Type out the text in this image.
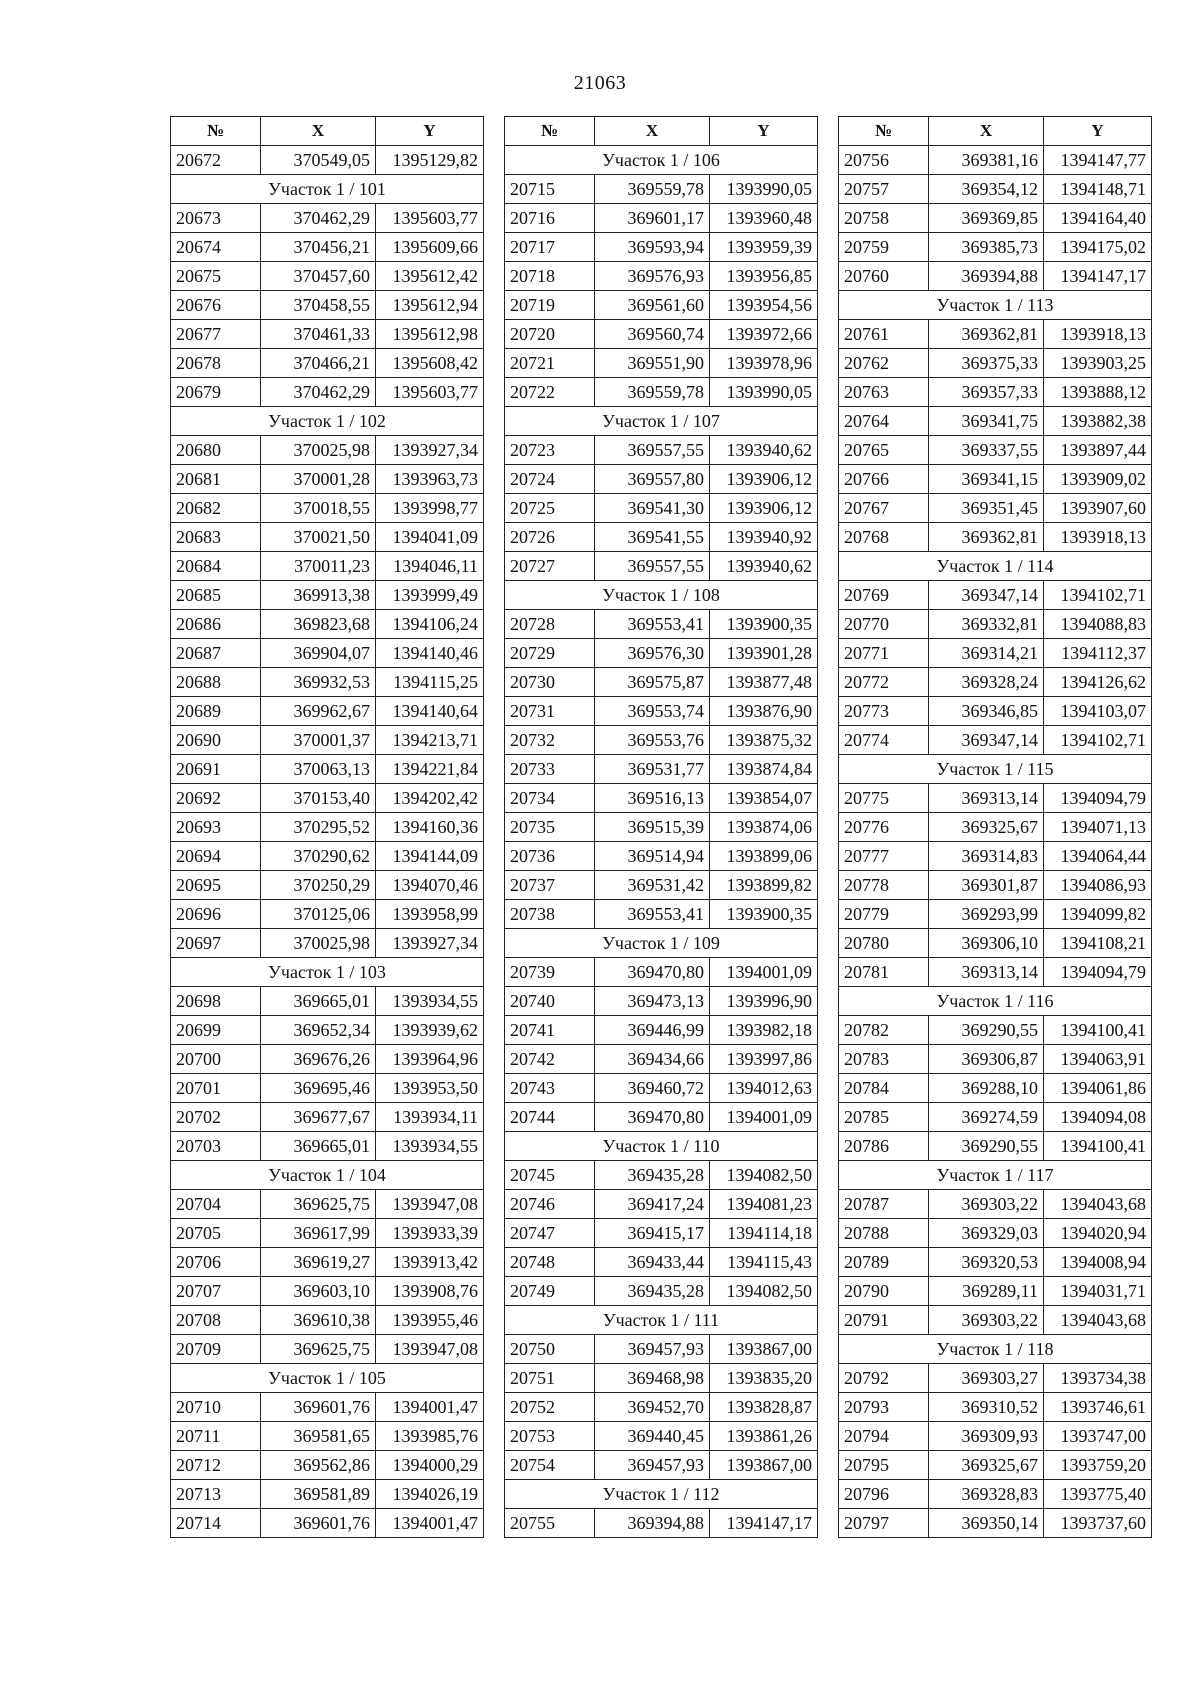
21063
№	X	Y
20672	370549,05	1395129,82
Участок 1 / 101		
20673	370462,29	1395603,77
20674	370456,21	1395609,66
20675	370457,60	1395612,42
20676	370458,55	1395612,94
20677	370461,33	1395612,98
20678	370466,21	1395608,42
20679	370462,29	1395603,77
Участок 1 / 102		
20680	370025,98	1393927,34
20681	370001,28	1393963,73
20682	370018,55	1393998,77
20683	370021,50	1394041,09
20684	370011,23	1394046,11
20685	369913,38	1393999,49
20686	369823,68	1394106,24
20687	369904,07	1394140,46
20688	369932,53	1394115,25
20689	369962,67	1394140,64
20690	370001,37	1394213,71
20691	370063,13	1394221,84
20692	370153,40	1394202,42
20693	370295,52	1394160,36
20694	370290,62	1394144,09
20695	370250,29	1394070,46
20696	370125,06	1393958,99
20697	370025,98	1393927,34
Участок 1 / 103		
20698	369665,01	1393934,55
20699	369652,34	1393939,62
20700	369676,26	1393964,96
20701	369695,46	1393953,50
20702	369677,67	1393934,11
20703	369665,01	1393934,55
Участок 1 / 104		
20704	369625,75	1393947,08
20705	369617,99	1393933,39
20706	369619,27	1393913,42
20707	369603,10	1393908,76
20708	369610,38	1393955,46
20709	369625,75	1393947,08
Участок 1 / 105		
20710	369601,76	1394001,47
20711	369581,65	1393985,76
20712	369562,86	1394000,29
20713	369581,89	1394026,19
20714	369601,76	1394001,47
№	X	Y
Участок 1 / 106		
20715	369559,78	1393990,05
20716	369601,17	1393960,48
20717	369593,94	1393959,39
20718	369576,93	1393956,85
20719	369561,60	1393954,56
20720	369560,74	1393972,66
20721	369551,90	1393978,96
20722	369559,78	1393990,05
Участок 1 / 107		
20723	369557,55	1393940,62
20724	369557,80	1393906,12
20725	369541,30	1393906,12
20726	369541,55	1393940,92
20727	369557,55	1393940,62
Участок 1 / 108		
20728	369553,41	1393900,35
20729	369576,30	1393901,28
20730	369575,87	1393877,48
20731	369553,74	1393876,90
20732	369553,76	1393875,32
20733	369531,77	1393874,84
20734	369516,13	1393854,07
20735	369515,39	1393874,06
20736	369514,94	1393899,06
20737	369531,42	1393899,82
20738	369553,41	1393900,35
Участок 1 / 109		
20739	369470,80	1394001,09
20740	369473,13	1393996,90
20741	369446,99	1393982,18
20742	369434,66	1393997,86
20743	369460,72	1394012,63
20744	369470,80	1394001,09
Участок 1 / 110		
20745	369435,28	1394082,50
20746	369417,24	1394081,23
20747	369415,17	1394114,18
20748	369433,44	1394115,43
20749	369435,28	1394082,50
Участок 1 / 111		
20750	369457,93	1393867,00
20751	369468,98	1393835,20
20752	369452,70	1393828,87
20753	369440,45	1393861,26
20754	369457,93	1393867,00
Участок 1 / 112		
20755	369394,88	1394147,17
№	X	Y
20756	369381,16	1394147,77
20757	369354,12	1394148,71
20758	369369,85	1394164,40
20759	369385,73	1394175,02
20760	369394,88	1394147,17
Участок 1 / 113		
20761	369362,81	1393918,13
20762	369375,33	1393903,25
20763	369357,33	1393888,12
20764	369341,75	1393882,38
20765	369337,55	1393897,44
20766	369341,15	1393909,02
20767	369351,45	1393907,60
20768	369362,81	1393918,13
Участок 1 / 114		
20769	369347,14	1394102,71
20770	369332,81	1394088,83
20771	369314,21	1394112,37
20772	369328,24	1394126,62
20773	369346,85	1394103,07
20774	369347,14	1394102,71
Участок 1 / 115		
20775	369313,14	1394094,79
20776	369325,67	1394071,13
20777	369314,83	1394064,44
20778	369301,87	1394086,93
20779	369293,99	1394099,82
20780	369306,10	1394108,21
20781	369313,14	1394094,79
Участок 1 / 116		
20782	369290,55	1394100,41
20783	369306,87	1394063,91
20784	369288,10	1394061,86
20785	369274,59	1394094,08
20786	369290,55	1394100,41
Участок 1 / 117		
20787	369303,22	1394043,68
20788	369329,03	1394020,94
20789	369320,53	1394008,94
20790	369289,11	1394031,71
20791	369303,22	1394043,68
Участок 1 / 118		
20792	369303,27	1393734,38
20793	369310,52	1393746,61
20794	369309,93	1393747,00
20795	369325,67	1393759,20
20796	369328,83	1393775,40
20797	369350,14	1393737,60
